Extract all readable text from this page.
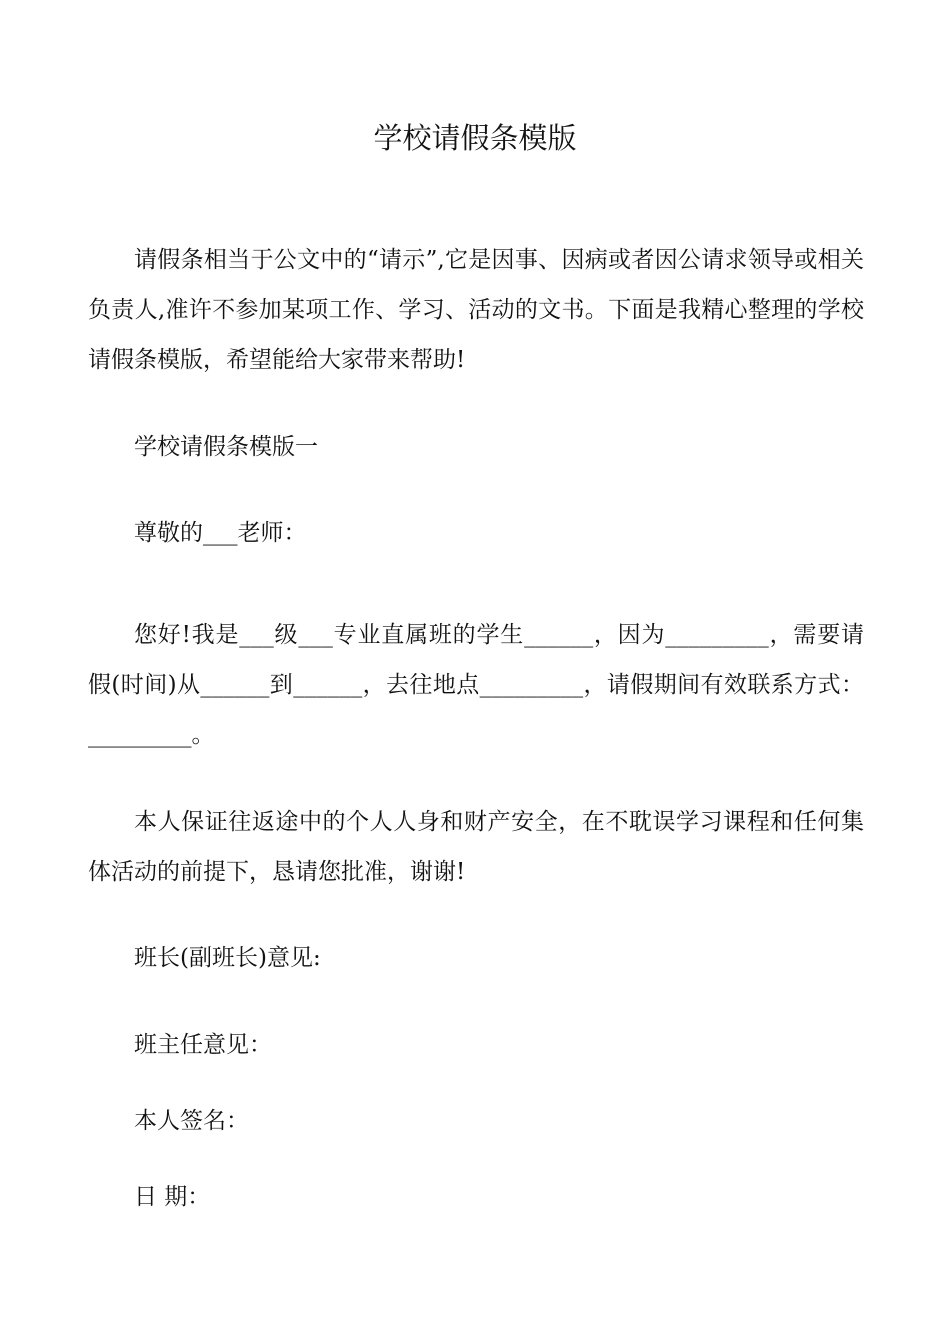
学校请假条模版

请假条相当于公文中的“请示”,它是因事、因病或者因公请求领导或相关负责人,准许不参加某项工作、学习、活动的文书。下面是我精心整理的学校请假条模版，希望能给大家带来帮助!

学校请假条模版一

尊敬的___老师：

您好!我是___级___专业直属班的学生______，因为_________，需要请假(时间)从______到______，去往地点_________，请假期间有效联系方式：_________。

本人保证往返途中的个人人身和财产安全，在不耽误学习课程和任何集体活动的前提下，恳请您批准，谢谢!

班长(副班长)意见:

班主任意见：

本人签名：

日 期：
